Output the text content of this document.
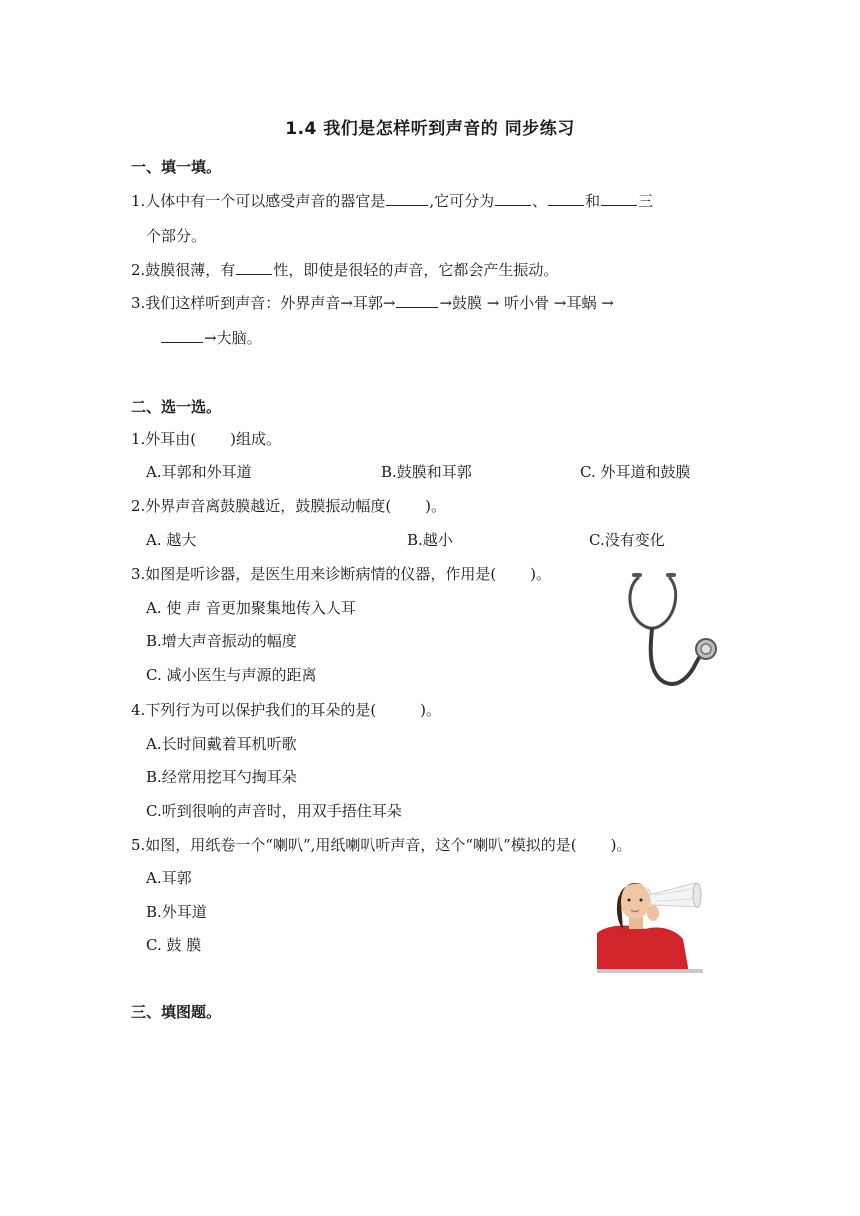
1.4 我们是怎样听到声音的 同步练习
一、填一填。
1.人体中有一个可以感受声音的器官是	,它可分为	、	和	三
个部分。
2.鼓膜很薄，有	性，即使是很轻的声音，它都会产生振动。
3.我们这样听到声音：外界声音→耳郭→	→鼓膜 → 听小骨 →耳蜗 →
→大脑。
二、选一选。
1.外耳由( )组成。
A.耳郭和外耳道	B.鼓膜和耳郭	C. 外耳道和鼓膜
2.外界声音离鼓膜越近，鼓膜振动幅度( )。
A. 越大	B.越小	C.没有变化
3.如图是听诊器，是医生用来诊断病情的仪器，作用是( )。
A. 使 声 音更加聚集地传入人耳
B.增大声音振动的幅度
C. 减小医生与声源的距离
4.下列行为可以保护我们的耳朵的是(	)。
A.长时间戴着耳机听歌
B.经常用挖耳勺掏耳朵
C.听到很响的声音时，用双手捂住耳朵
5.如图，用纸卷一个“喇叭”,用纸喇叭听声音，这个“喇叭”模拟的是( )。
A.耳郭
B.外耳道
C. 鼓 膜
三、填图题。
